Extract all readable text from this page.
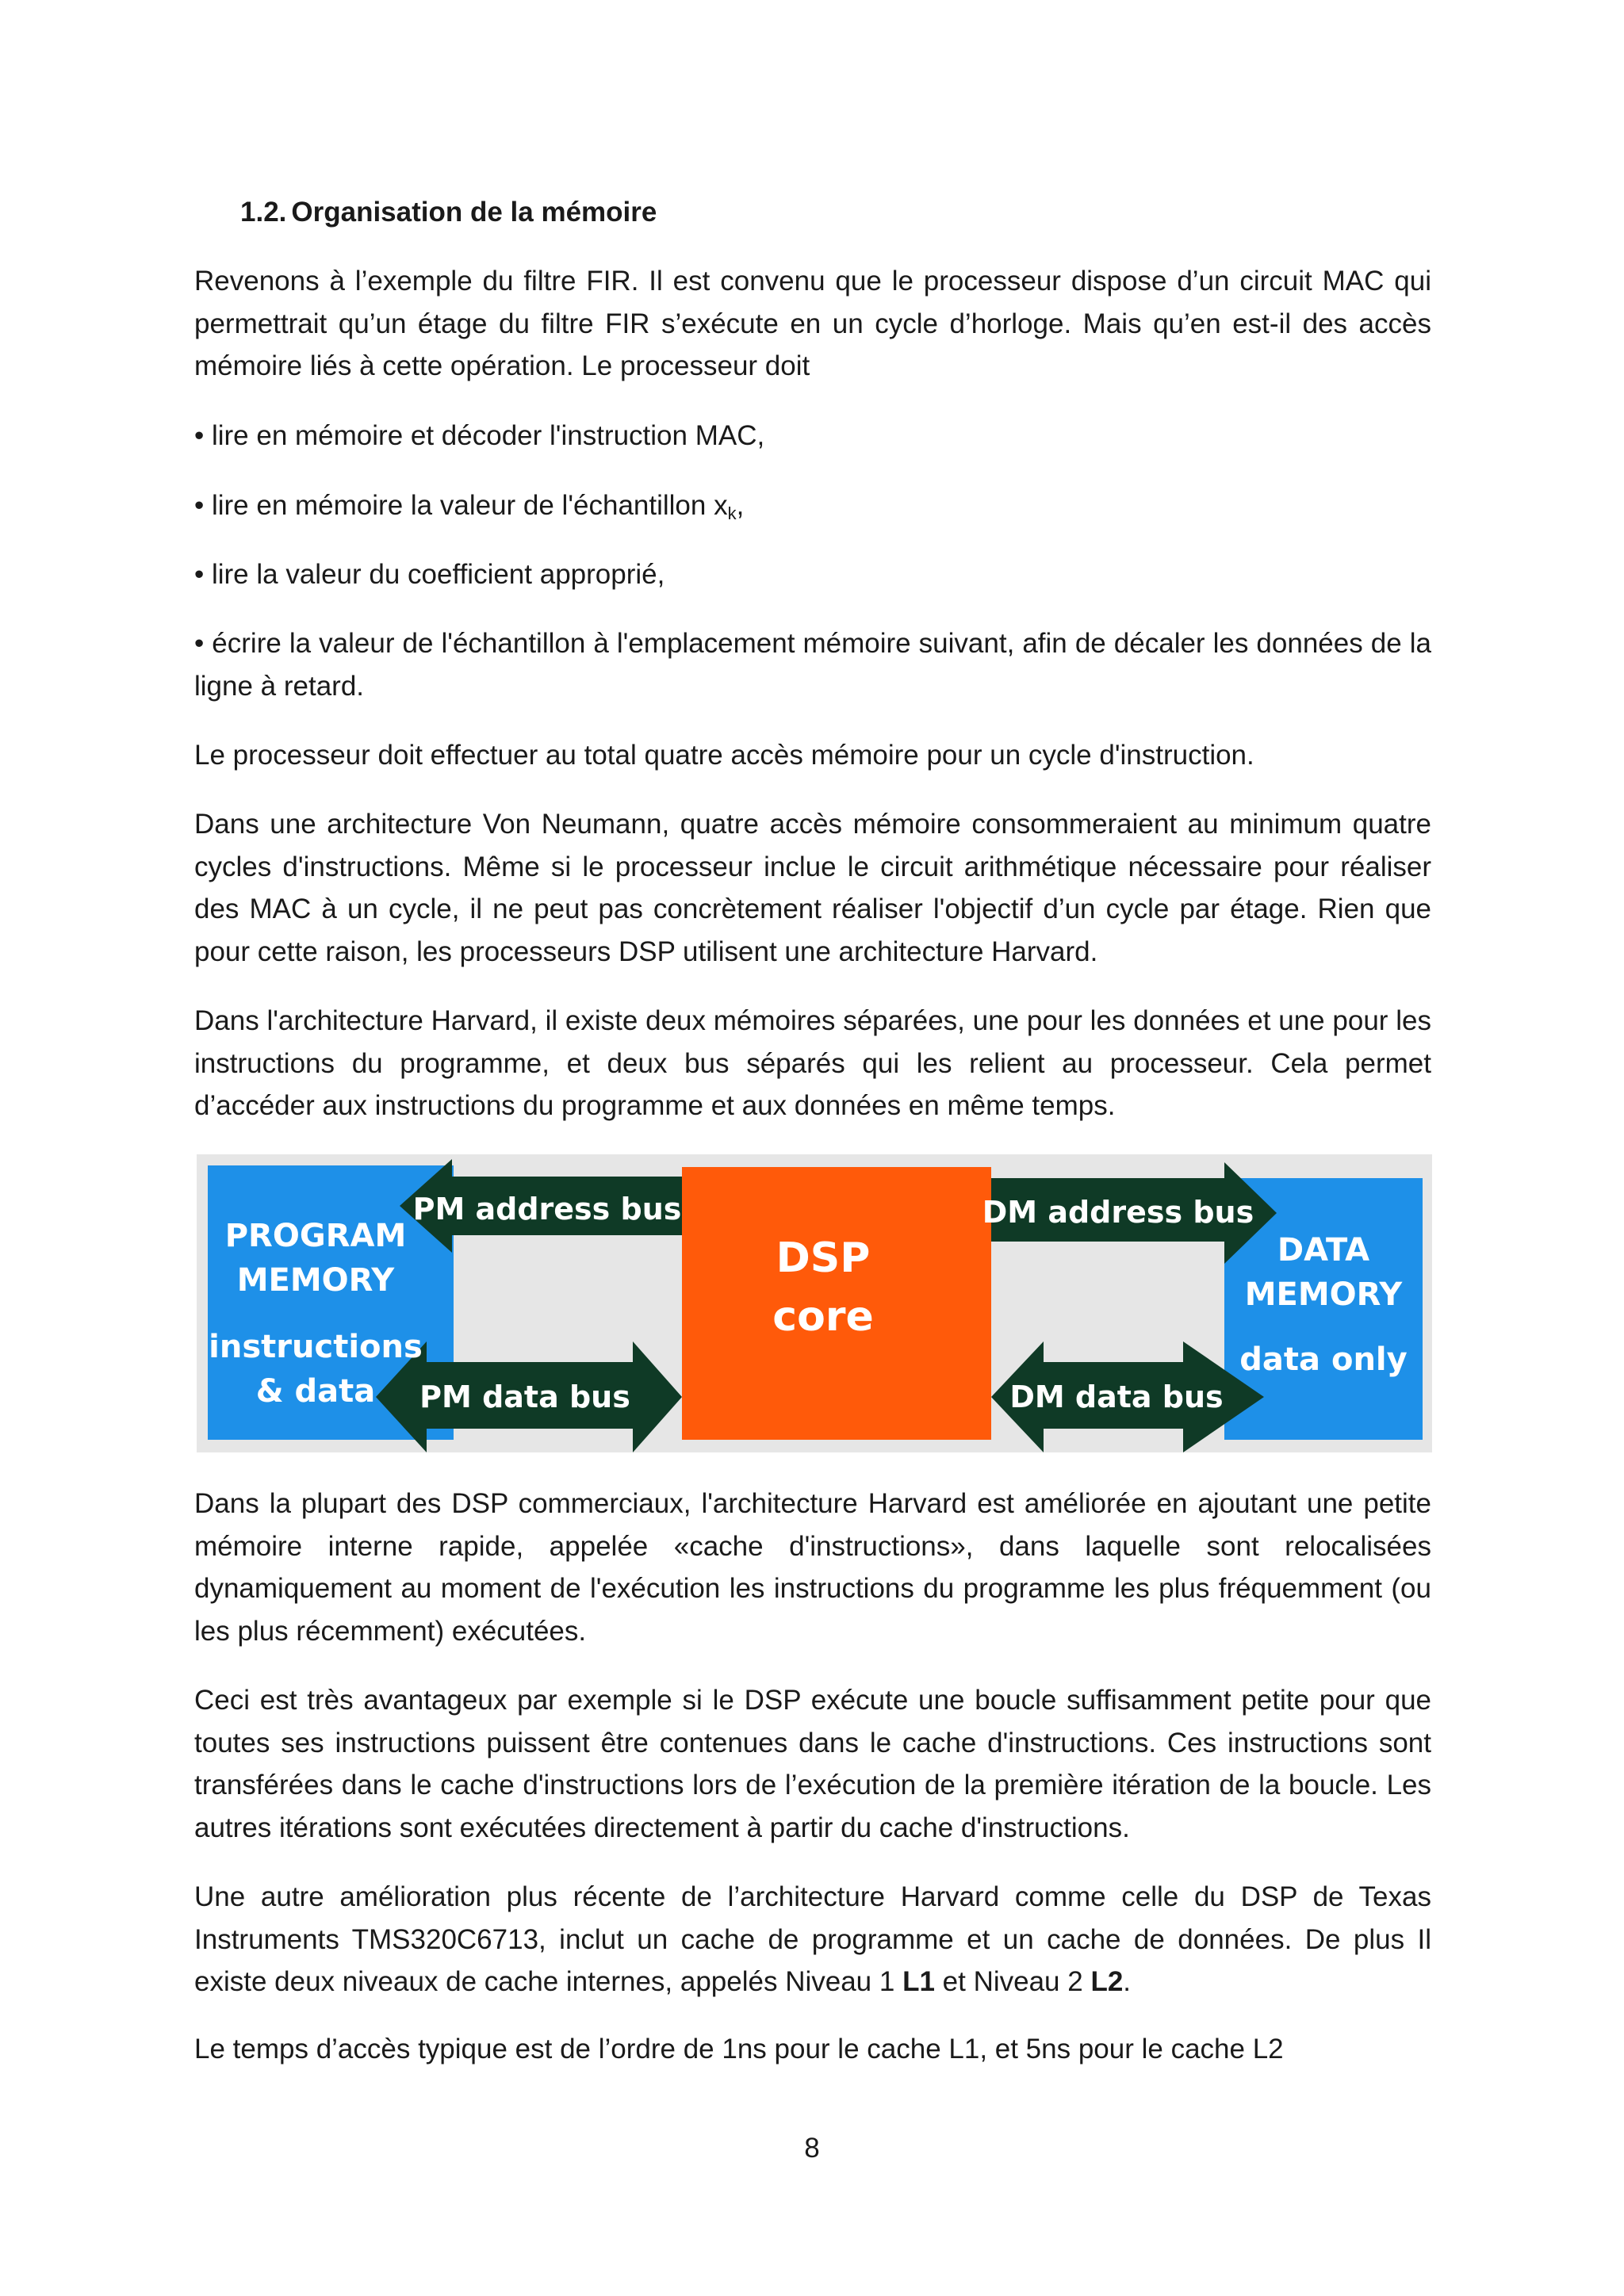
1.2. Organisation de la mémoire

Revenons à l’exemple du filtre FIR. Il est convenu que le processeur dispose d’un circuit MAC qui permettrait qu’un étage du filtre FIR s’exécute en un cycle d’horloge. Mais qu’en est-il des accès mémoire liés à cette opération. Le processeur doit

• lire en mémoire et décoder l'instruction MAC,

• lire en mémoire la valeur de l'échantillon $x_k$,

• lire la valeur du coefficient approprié,

• écrire la valeur de l'échantillon à l'emplacement mémoire suivant, afin de décaler les données de la ligne à retard.

Le processeur doit effectuer au total quatre accès mémoire pour un cycle d'instruction.

Dans une architecture Von Neumann, quatre accès mémoire consommeraient au minimum quatre cycles d'instructions. Même si le processeur inclue le circuit arithmétique nécessaire pour réaliser des MAC à un cycle, il ne peut pas concrètement réaliser l'objectif d’un cycle par étage. Rien que pour cette raison, les processeurs DSP utilisent une architecture Harvard.

Dans l'architecture Harvard, il existe deux mémoires séparées, une pour les données et une pour les instructions du programme, et deux bus séparés qui les relient au processeur. Cela permet d’accéder aux instructions du programme et aux données en même temps.

PROGRAM
MEMORY
instructions
& data
DATA
MEMORY
data only
DSP
core
PM address bus	DM address bus
PM data bus	DM data bus

Dans la plupart des DSP commerciaux, l'architecture Harvard est améliorée en ajoutant une petite mémoire interne rapide, appelée «cache d'instructions», dans laquelle sont relocalisées dynamiquement au moment de l'exécution les instructions du programme les plus fréquemment (ou les plus récemment) exécutées.

Ceci est très avantageux par exemple si le DSP exécute une boucle suffisamment petite pour que toutes ses instructions puissent être contenues dans le cache d'instructions. Ces instructions sont transférées dans le cache d'instructions lors de l’exécution de la première itération de la boucle. Les autres itérations sont exécutées directement à partir du cache d'instructions.

Une autre amélioration plus récente de l’architecture Harvard comme celle du DSP de Texas Instruments TMS320C6713, inclut un cache de programme et un cache de données. De plus Il existe deux niveaux de cache internes, appelés Niveau 1 L1 et Niveau 2 L2.

Le temps d’accès typique est de l’ordre de 1ns pour le cache L1, et 5ns pour le cache L2

8
